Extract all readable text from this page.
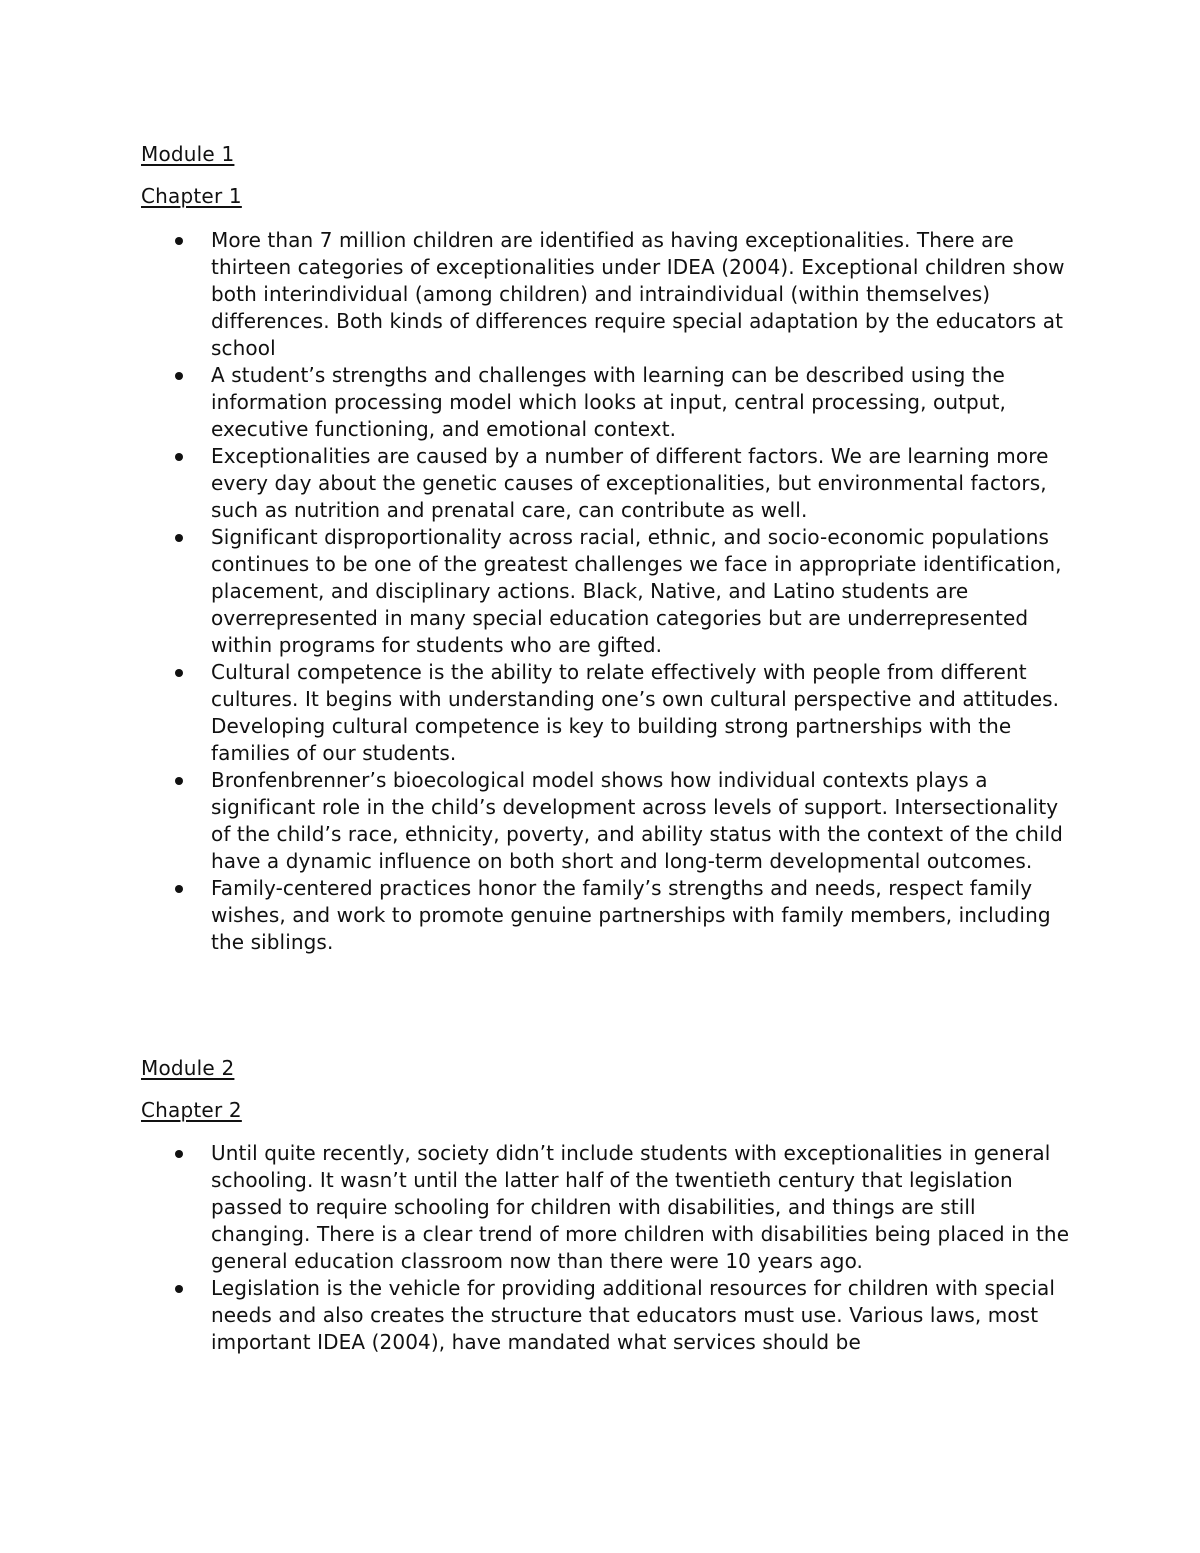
Module 1
Chapter 1
More than 7 million children are identified as having exceptionalities. There are thirteen categories of exceptionalities under IDEA (2004). Exceptional children show both interindividual (among children) and intraindividual (within themselves) differences. Both kinds of differences require special adaptation by the educators at school
A student’s strengths and challenges with learning can be described using the information processing model which looks at input, central processing, output, executive functioning, and emotional context.
Exceptionalities are caused by a number of different factors. We are learning more every day about the genetic causes of exceptionalities, but environmental factors, such as nutrition and prenatal care, can contribute as well.
Significant disproportionality across racial, ethnic, and socio-economic populations continues to be one of the greatest challenges we face in appropriate identification, placement, and disciplinary actions. Black, Native, and Latino students are overrepresented in many special education categories but are underrepresented within programs for students who are gifted.
Cultural competence is the ability to relate effectively with people from different cultures. It begins with understanding one’s own cultural perspective and attitudes. Developing cultural competence is key to building strong partnerships with the families of our students.
Bronfenbrenner’s bioecological model shows how individual contexts plays a significant role in the child’s development across levels of support. Intersectionality of the child’s race, ethnicity, poverty, and ability status with the context of the child have a dynamic influence on both short and long-term developmental outcomes.
Family-centered practices honor the family’s strengths and needs, respect family wishes, and work to promote genuine partnerships with family members, including the siblings.
Module 2
Chapter 2
Until quite recently, society didn’t include students with exceptionalities in general schooling. It wasn’t until the latter half of the twentieth century that legislation passed to require schooling for children with disabilities, and things are still changing. There is a clear trend of more children with disabilities being placed in the general education classroom now than there were 10 years ago.
Legislation is the vehicle for providing additional resources for children with special needs and also creates the structure that educators must use. Various laws, most important IDEA (2004), have mandated what services should be
